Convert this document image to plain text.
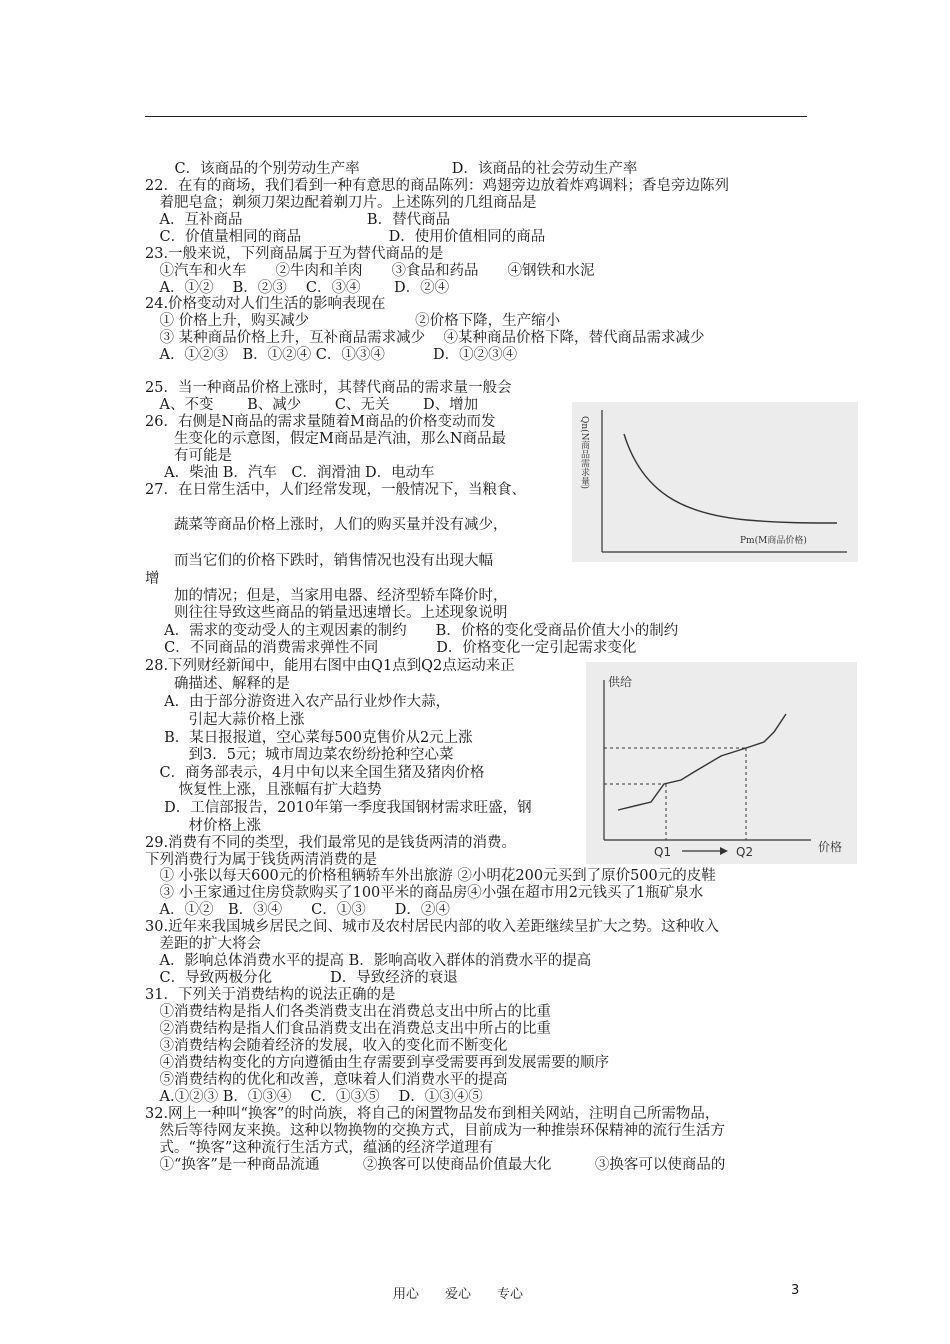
　C．该商品的个别劳动生产率                    D．该商品的社会劳动生产率
22．在有的商场，我们看到一种有意思的商品陈列：鸡翅旁边放着炸鸡调料；香皂旁边陈列
　着肥皂盒；剃须刀架边配着剃刀片。上述陈列的几组商品是
　A．互补商品                           B．替代商品
　C．价值量相同的商品                   D．使用价值相同的商品
23.一般来说，下列商品属于互为替代商品的是
　①汽车和火车　　②牛肉和羊肉　　③食品和药品　　④钢铁和水泥
　A．①②　 B．②③　 C．③④　　 D．②④
24.价格变动对人们生活的影响表现在
　① 价格上升，购买减少                       ②价格下降，生产缩小
　③ 某种商品价格上升，互补商品需求减少    ④某种商品价格下降，替代商品需求减少
　A．①②③　B．①②④ C．①③④　　　 D．①②③④
25．当一种商品价格上涨时，其替代商品的需求量一般会
　A、不变　　 B、减少　　 C、无关　　 D、增加
26．右侧是N商品的需求量随着M商品的价格变动而发
　　生变化的示意图，假定M商品是汽油，那么N商品最
　　有可能是
　 A．柴油 B．汽车　C．润滑油 D．电动车
27．在日常生活中，人们经常发现，一般情况下，当粮食、
　　蔬菜等商品价格上涨时，人们的购买量并没有减少，
　　而当它们的价格下跌时，销售情况也没有出现大幅
增
　　加的情况；但是，当家用电器、经济型轿车降价时，
　　则往往导致这些商品的销量迅速增长。上述现象说明
　 A．需求的变动受人的主观因素的制约　　B．价格的变化受商品价值大小的制约
　 C．不同商品的消费需求弹性不同　　　　D．价格变化一定引起需求变化
28.下列财经新闻中，能用右图中由Q1点到Q2点运动来正
　　确描述、解释的是
　 A．由于部分游资进入农产品行业炒作大蒜，
　　　引起大蒜价格上涨
　 B．某日报报道，空心菜每500克售价从2元上涨
　　　到3．5元；城市周边菜农纷纷抢种空心菜
　C．商务部表示，4月中旬以来全国生猪及猪肉价格
　　 恢复性上涨，且涨幅有扩大趋势
　 D．工信部报告，2010年第一季度我国钢材需求旺盛，钢
　　　材价格上涨
29.消费有不同的类型，我们最常见的是钱货两清的消费。
下列消费行为属于钱货两清消费的是
　① 小张以每天600元的价格租辆轿车外出旅游 ②小明花200元买到了原价500元的皮鞋
　③ 小王家通过住房贷款购买了100平米的商品房④小强在超市用2元钱买了1瓶矿泉水
　A．①②　B．③④　　C．①③　　D．②④
30.近年来我国城乡居民之间、城市及农村居民内部的收入差距继续呈扩大之势。这种收入
　差距的扩大将会
　A．影响总体消费水平的提高 B．影响高收入群体的消费水平的提高
　C．导致两极分化　　　　D．导致经济的衰退
31．下列关于消费结构的说法正确的是
　①消费结构是指人们各类消费支出在消费总支出中所占的比重
　②消费结构是指人们食品消费支出在消费总支出中所占的比重
　③消费结构会随着经济的发展，收入的变化而不断变化
　④消费结构变化的方向遵循由生存需要到享受需要再到发展需要的顺序
　⑤消费结构的优化和改善，意味着人们消费水平的提高
　A.①②③ B．①③④　 C．①③⑤　 D．①③④⑤
32.网上一种叫“换客”的时尚族，将自己的闲置物品发布到相关网站，注明自己所需物品，
　然后等待网友来换。这种以物换物的交换方式，目前成为一种推崇环保精神的流行生活方
　式。“换客”这种流行生活方式，蕴涵的经济学道理有
　①“换客”是一种商品流通　　　②换客可以使商品价值最大化　　　③换客可以使商品的
Qn(N商品需求量)
Pm(M商品价格)
供给
价格
Q1	Q2
用心　　爱心　　专心	3
